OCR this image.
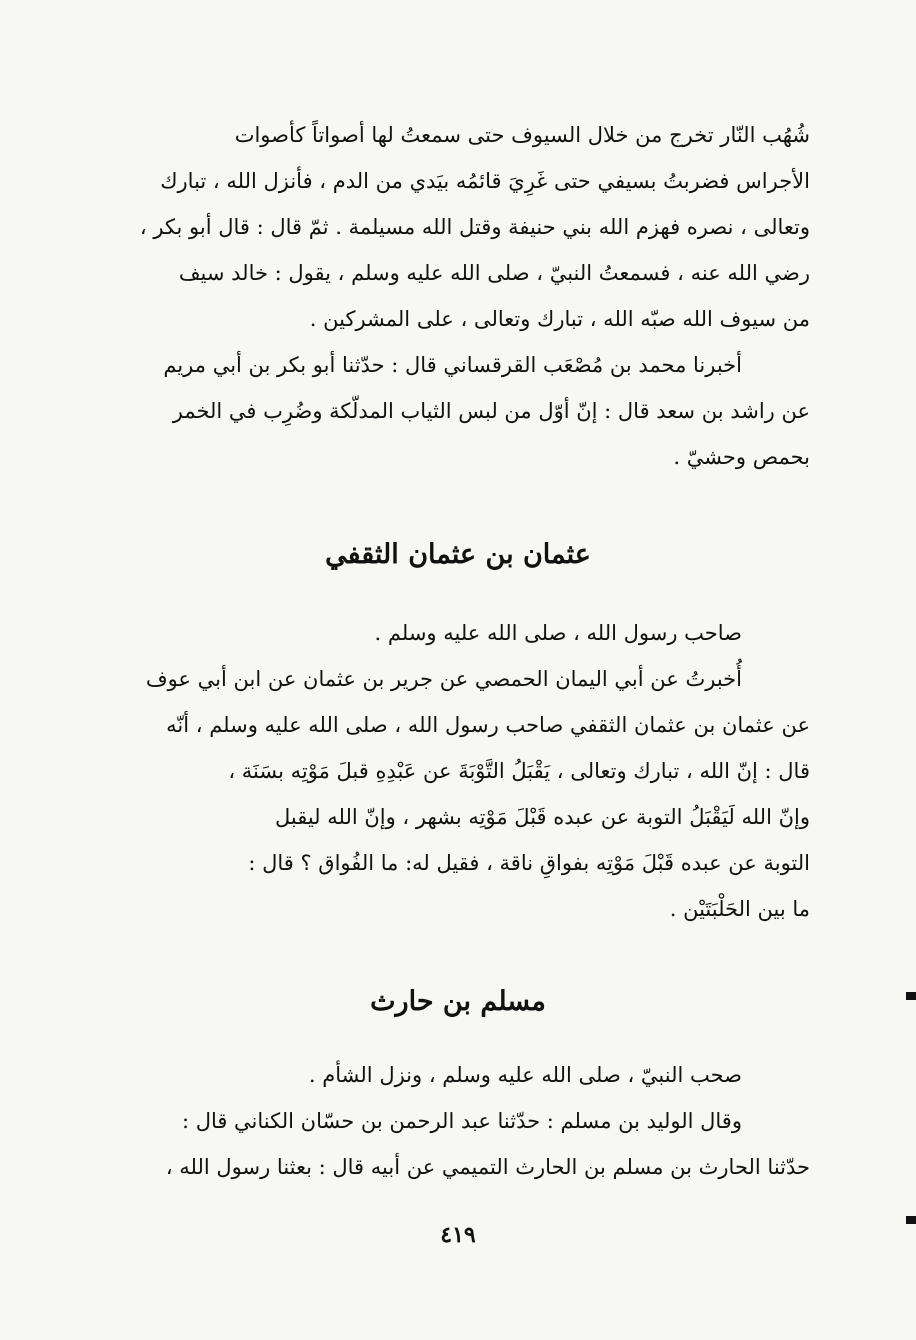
شُهُب النّار تخرج من خلال السيوف حتى سمعتُ لها أصواتاً كأصوات
الأجراس فضربتُ بسيفي حتى غَرِيَ قائمُه بيَدي من الدم ، فأنزل الله ، تبارك
وتعالى ، نصره فهزم الله بني حنيفة وقتل الله مسيلمة . ثمّ قال : قال أبو بكر ،
رضي الله عنه ، فسمعتُ النبيّ ، صلى الله عليه وسلم ، يقول : خالد سيف
من سيوف الله صبّه الله ، تبارك وتعالى ، على المشركين .
أخبرنا محمد بن مُصْعَب القرقساني قال : حدّثنا أبو بكر بن أبي مريم
عن راشد بن سعد قال : إنّ أوّل من لبس الثياب المدلّكة وضُرِب في الخمر
بحمص وحشيّ .
عثمان بن عثمان الثقفي
صاحب رسول الله ، صلى الله عليه وسلم .
أُخبرتُ عن أبي اليمان الحمصي عن جرير بن عثمان عن ابن أبي عوف
عن عثمان بن عثمان الثقفي صاحب رسول الله ، صلى الله عليه وسلم ، أنّه
قال : إنّ الله ، تبارك وتعالى ، يَقْبَلُ التَّوْبَةَ عن عَبْدِهِ قبلَ مَوْتِه بسَنَة ،
وإنّ الله لَيَقْبَلُ التوبة عن عبده قَبْلَ مَوْتِه بشهر ، وإنّ الله ليقبل
التوبة عن عبده قَبْلَ مَوْتِه بفواقِ ناقة ، فقيل له: ما الفُواق ؟ قال :
ما بين الحَلْبَتَيْن .
مسلم بن حارث
صحب النبيّ ، صلى الله عليه وسلم ، ونزل الشأم .
وقال الوليد بن مسلم : حدّثنا عبد الرحمن بن حسّان الكناني قال :
حدّثنا الحارث بن مسلم بن الحارث التميمي عن أبيه قال : بعثنا رسول الله ،
٤١٩
